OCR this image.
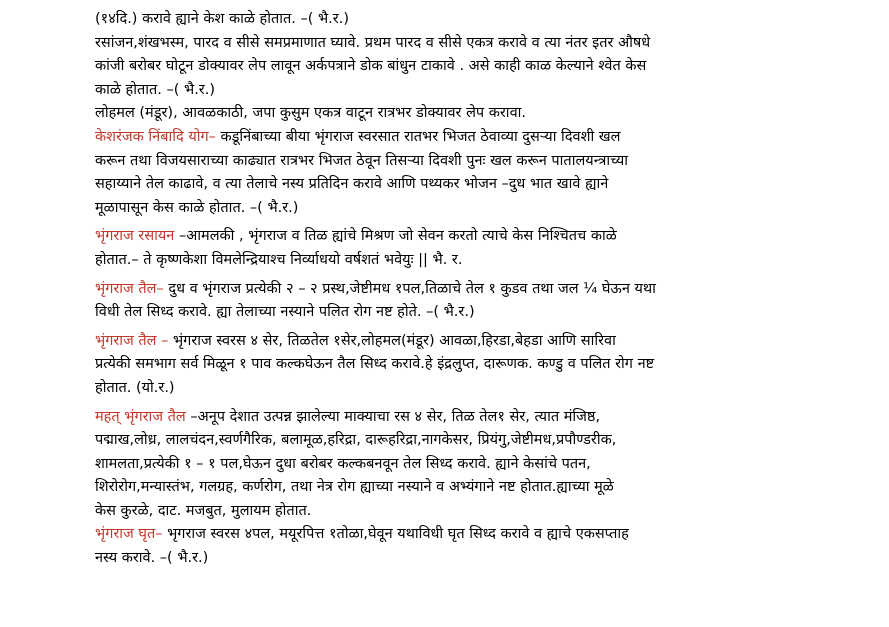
(१४दि.) करावे ह्याने केश काळे होतात. –( भै.र.)

रसांजन,शंखभस्म, पारद व सीसे समप्रमाणात घ्यावे. प्रथम पारद व सीसे एकत्र करावे व त्या नंतर इतर औषधे
कांजी बरोबर घोटून डोक्यावर लेप लावून अर्कपत्राने डोक बांधुन टाकावे . असे काही काळ केल्याने श्वेत केस
काळे होतात. –( भै.र.)

लोहमल (मंडूर), आवळकाठी, जपा कुसुम एकत्र वाटून रात्रभर डोक्यावर लेप करावा.

केशरंजक निंबादि योग– कडूनिंबाच्या बीया भृंगराज स्वरसात रातभर भिजत ठेवाव्या दुसऱ्या दिवशी खल
करून तथा विजयसाराच्या काढ्यात रात्रभर भिजत ठेवून तिसऱ्या दिवशी पुनः खल करून पातालयन्त्राच्या
सहाय्याने तेल काढावे, व त्या तेलाचे नस्य प्रतिदिन करावे आणि पथ्यकर भोजन –दुध भात खावे ह्याने
मूळापासून केस काळे होतात. –( भै.र.)

भृंगराज रसायन –आमलकी , भृंगराज व तिळ ह्यांचे मिश्रण जो सेवन करतो त्याचे केस निश्चितच काळे
होतात.– ते कृष्णकेशा विमलेन्द्रियाश्च निर्व्याधयो वर्षशतं भवेयुः || भै. र.

भृंगराज तैल– दुध व भृंगराज प्रत्येकी २ – २ प्रस्थ,जेष्टीमध १पल,तिळाचे तेल १ कुडव तथा जल ¼ घेऊन यथा
विधी तेल सिध्द करावे. ह्या तेलाच्या नस्याने पलित रोग नष्ट होते. –( भै.र.)

भृंगराज तैल – भृंगराज स्वरस ४ सेर, तिळतेल १सेर,लोहमल(मंडूर) आवळा,हिरडा,बेहडा आणि सारिवा
प्रत्येकी समभाग सर्व मिळून १ पाव कल्कघेऊन तैल सिध्द करावे.हे इंद्रलुप्त, दारूणक. कण्डु व पलित रोग नष्ट
होतात. (यो.र.)

महत् भृंगराज तैल –अनूप देशात उत्पन्न झालेल्या माक्याचा रस ४ सेर, तिळ तेल१ सेर, त्यात मंजिष्ठ,
पद्माख,लोध्र, लालचंदन,स्वर्णगैरिक, बलामूळ,हरिद्रा, दारूहरिद्रा,नागकेसर, प्रियंगु,जेष्टीमध,प्रपौण्डरीक,
शामलता,प्रत्येकी १ – १ पल,घेऊन दुधा बरोबर कल्कबनवून तेल सिध्द करावे. ह्याने केसांचे पतन,
शिरोरोग,मन्यास्तंभ, गलग्रह, कर्णरोग, तथा नेत्र रोग ह्याच्या नस्याने व अभ्यंगाने नष्ट होतात.ह्याच्या मूळे
केस कुरळे, दाट. मजबुत, मुलायम होतात.

भृंगराज घृत– भृगराज स्वरस ४पल, मयूरपित्त १तोळा,घेवून यथाविधी घृत सिध्द करावे व ह्याचे एकसप्ताह
नस्य करावे. –( भै.र.)
